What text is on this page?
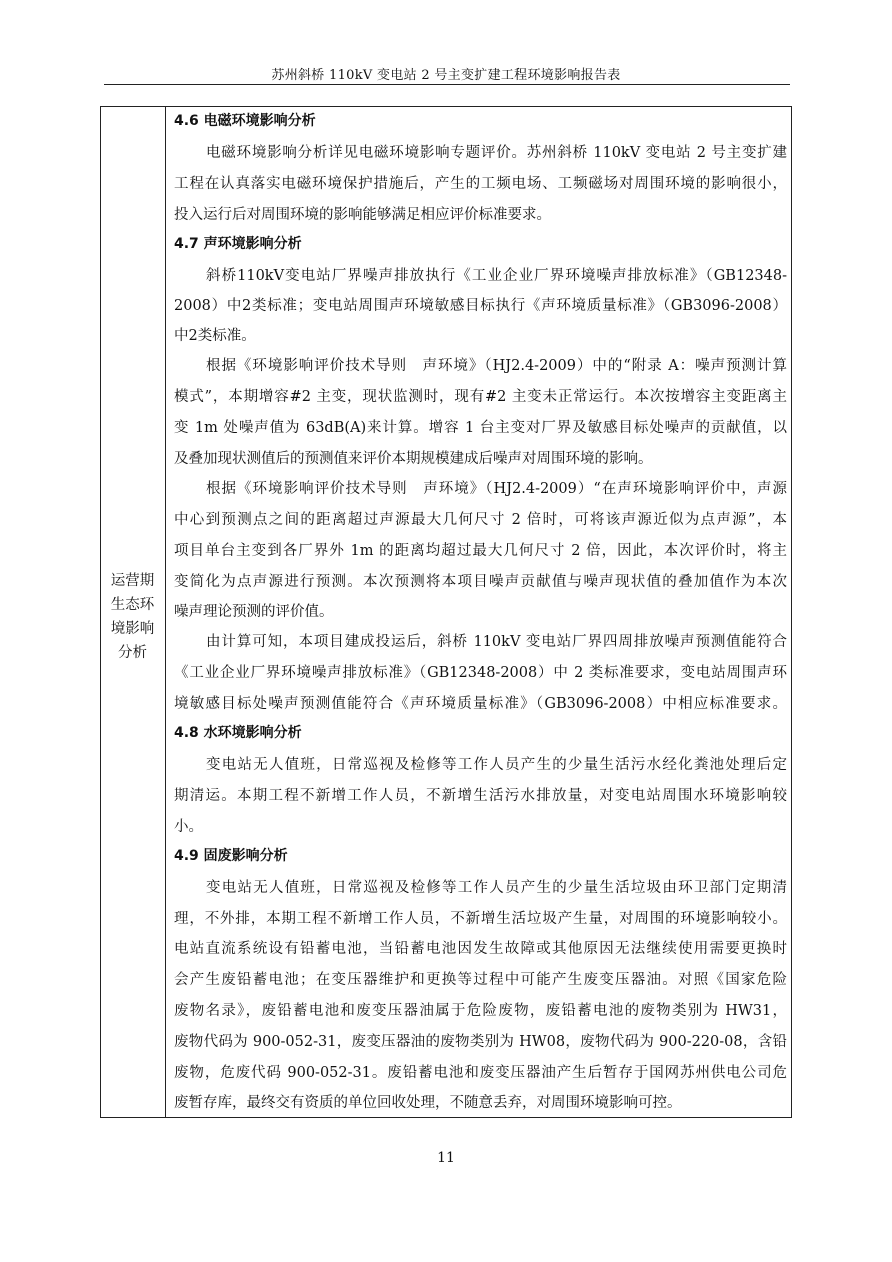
苏州斜桥 110kV 变电站 2 号主变扩建工程环境影响报告表
运营期
生态环
境影响
分析
4.6 电磁环境影响分析
电磁环境影响分析详见电磁环境影响专题评价。苏州斜桥 110kV 变电站 2 号主变扩建
工程在认真落实电磁环境保护措施后，产生的工频电场、工频磁场对周围环境的影响很小，
投入运行后对周围环境的影响能够满足相应评价标准要求。
4.7 声环境影响分析
斜桥110kV变电站厂界噪声排放执行《工业企业厂界环境噪声排放标准》（GB12348-
2008）中2类标准；变电站周围声环境敏感目标执行《声环境质量标准》（GB3096-2008）
中2类标准。
根据《环境影响评价技术导则　声环境》（HJ2.4-2009）中的“附录 A：噪声预测计算
模式”，本期增容#2 主变，现状监测时，现有#2 主变未正常运行。本次按增容主变距离主
变 1m 处噪声值为 63dB(A)来计算。增容 1 台主变对厂界及敏感目标处噪声的贡献值，以
及叠加现状测值后的预测值来评价本期规模建成后噪声对周围环境的影响。
根据《环境影响评价技术导则　声环境》（HJ2.4-2009）“在声环境影响评价中，声源
中心到预测点之间的距离超过声源最大几何尺寸 2 倍时，可将该声源近似为点声源”，本
项目单台主变到各厂界外 1m 的距离均超过最大几何尺寸 2 倍，因此，本次评价时，将主
变简化为点声源进行预测。本次预测将本项目噪声贡献值与噪声现状值的叠加值作为本次
噪声理论预测的评价值。
由计算可知，本项目建成投运后，斜桥 110kV 变电站厂界四周排放噪声预测值能符合
《工业企业厂界环境噪声排放标准》（GB12348-2008）中 2 类标准要求，变电站周围声环
境敏感目标处噪声预测值能符合《声环境质量标准》（GB3096-2008）中相应标准要求。
4.8 水环境影响分析
变电站无人值班，日常巡视及检修等工作人员产生的少量生活污水经化粪池处理后定
期清运。本期工程不新增工作人员，不新增生活污水排放量，对变电站周围水环境影响较
小。
4.9 固废影响分析
变电站无人值班，日常巡视及检修等工作人员产生的少量生活垃圾由环卫部门定期清
理，不外排，本期工程不新增工作人员，不新增生活垃圾产生量，对周围的环境影响较小。
电站直流系统设有铅蓄电池，当铅蓄电池因发生故障或其他原因无法继续使用需要更换时
会产生废铅蓄电池；在变压器维护和更换等过程中可能产生废变压器油。对照《国家危险
废物名录》，废铅蓄电池和废变压器油属于危险废物，废铅蓄电池的废物类别为 HW31，
废物代码为 900-052-31，废变压器油的废物类别为 HW08，废物代码为 900-220-08，含铅
废物，危废代码 900-052-31。废铅蓄电池和废变压器油产生后暂存于国网苏州供电公司危
废暂存库，最终交有资质的单位回收处理，不随意丢弃，对周围环境影响可控。
11
